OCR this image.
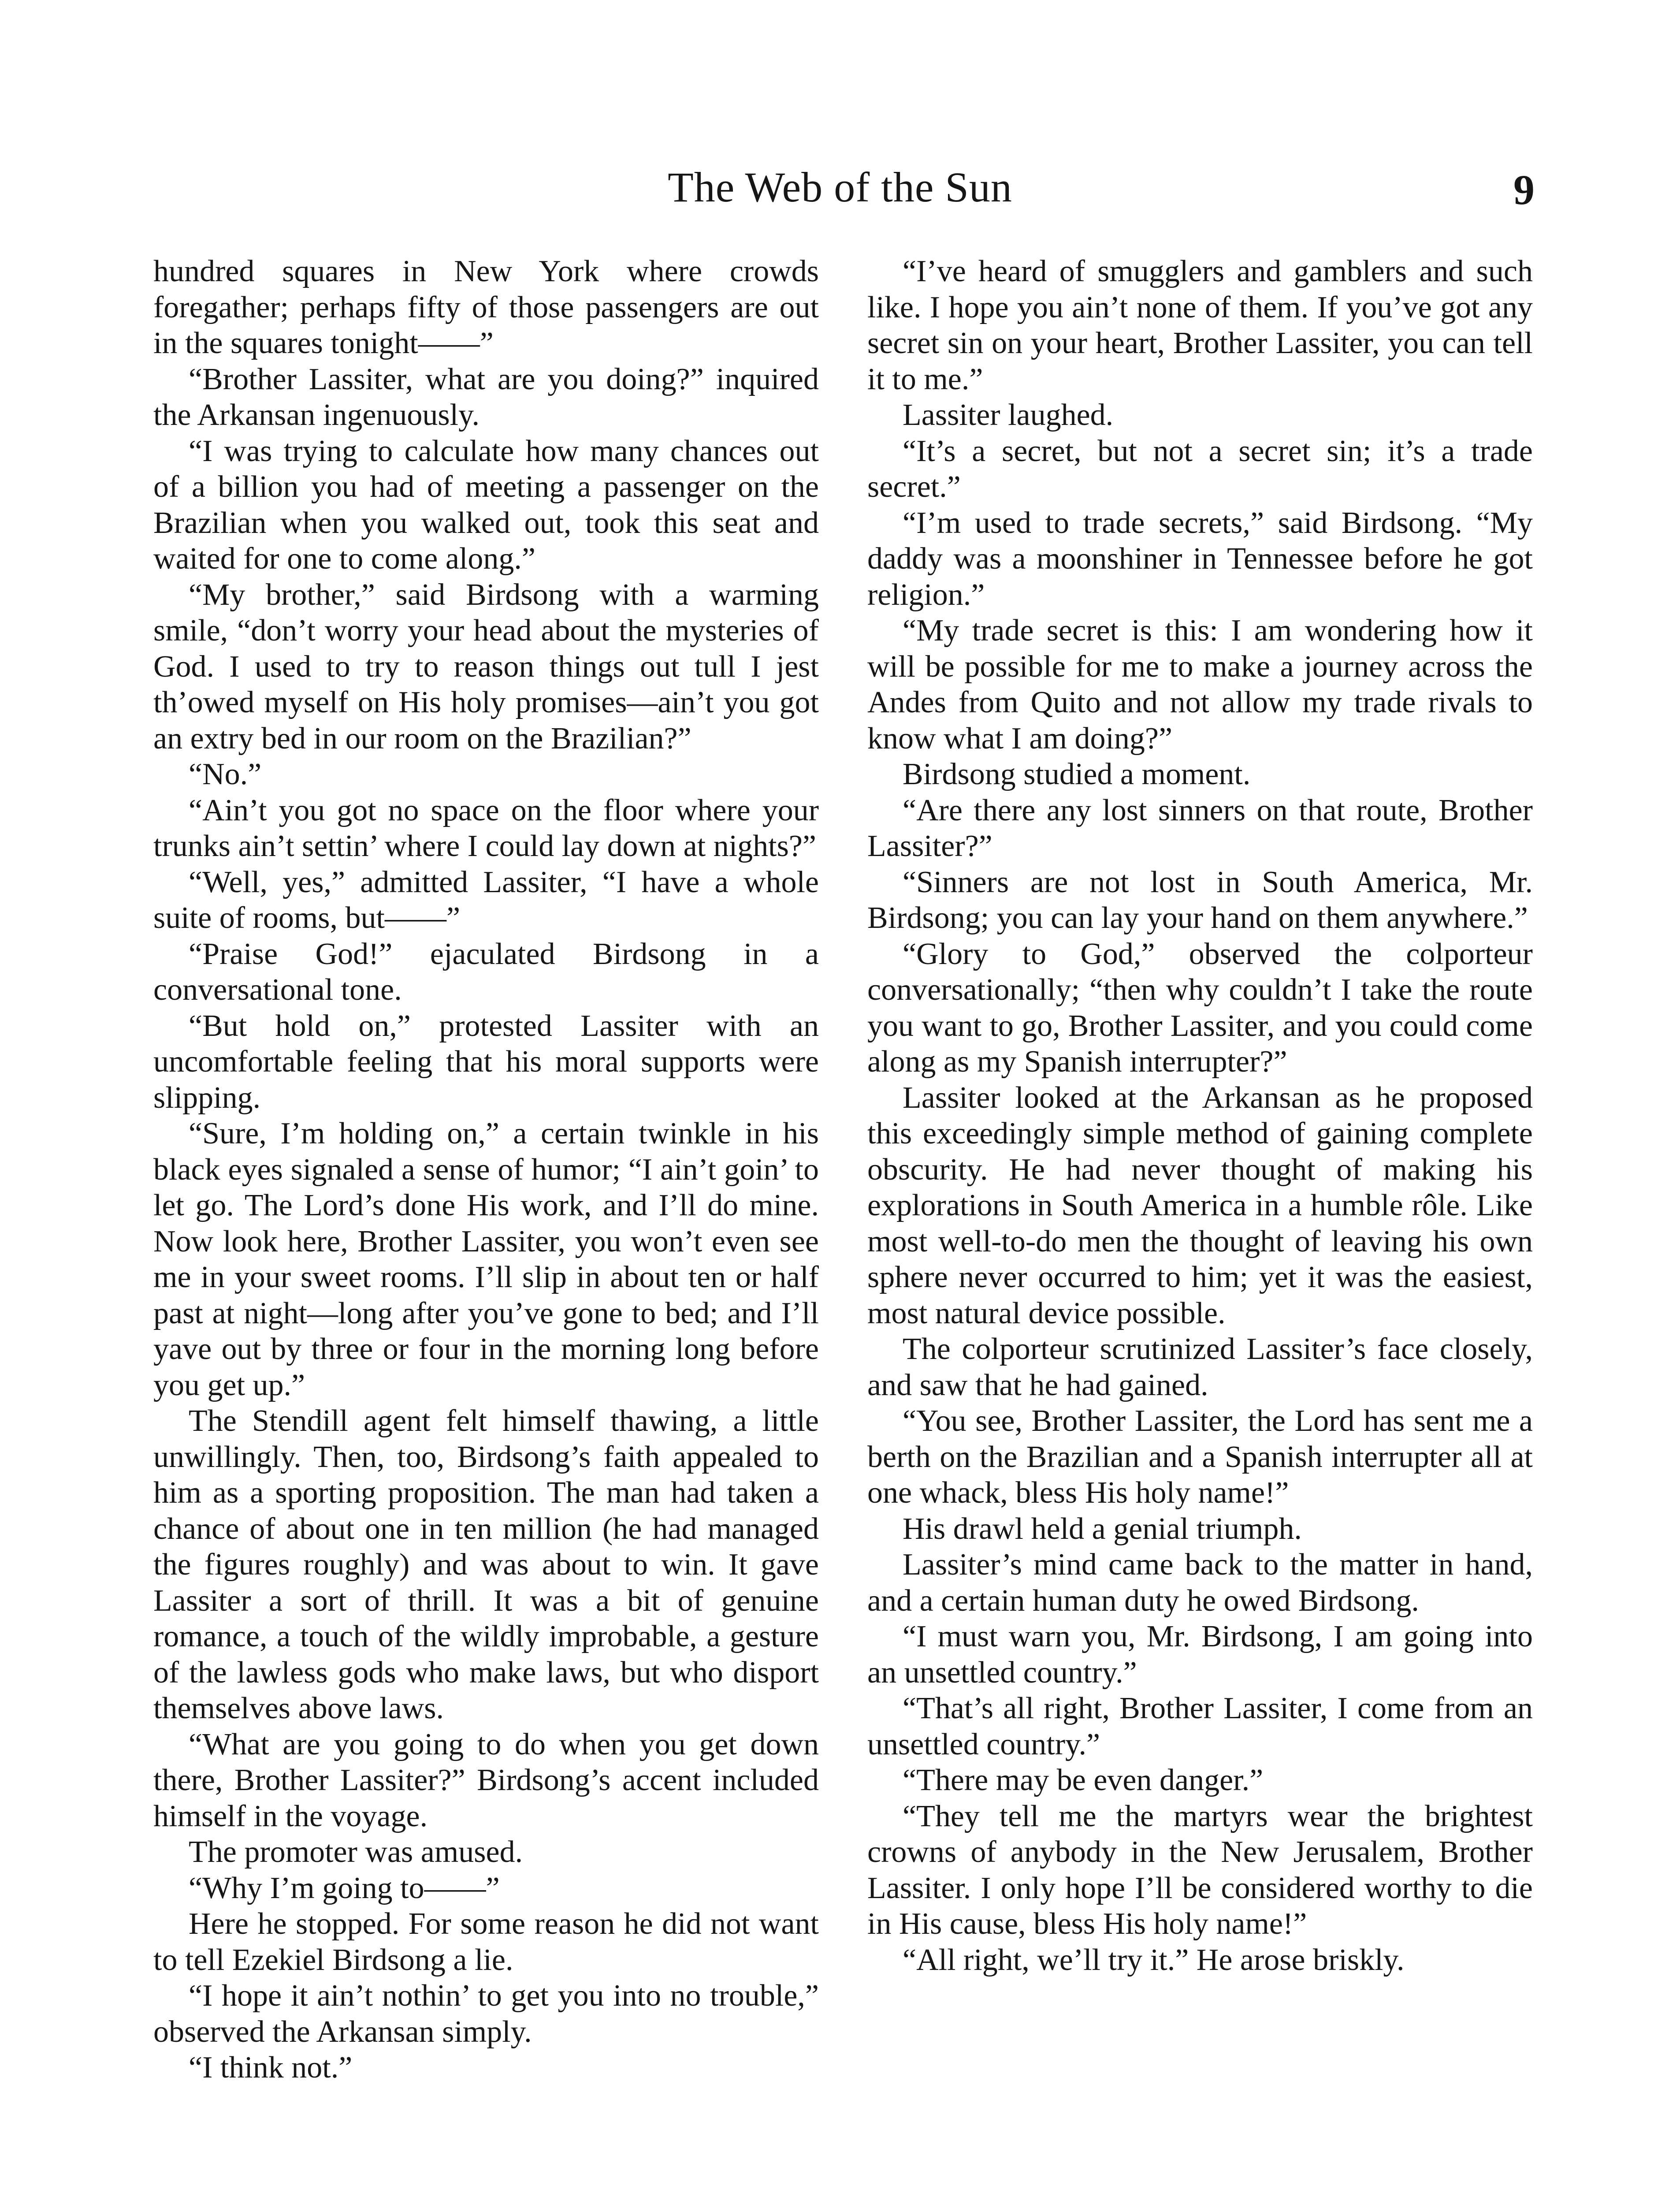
The Web of the Sun	9

hundred squares in New York where crowds foregather; perhaps fifty of those passengers are out in the squares tonight——”

“Brother Lassiter, what are you doing?” inquired the Arkansan ingenuously.

“I was trying to calculate how many chances out of a billion you had of meeting a passenger on the Brazilian when you walked out, took this seat and waited for one to come along.”

“My brother,” said Birdsong with a warming smile, “don’t worry your head about the mysteries of God. I used to try to reason things out tull I jest th’owed myself on His holy promises—ain’t you got an extry bed in our room on the Brazilian?”

“No.”

“Ain’t you got no space on the floor where your trunks ain’t settin’ where I could lay down at nights?”

“Well, yes,” admitted Lassiter, “I have a whole suite of rooms, but——”

“Praise God!” ejaculated Birdsong in a conversational tone.

“But hold on,” protested Lassiter with an uncomfortable feeling that his moral supports were slipping.

“Sure, I’m holding on,” a certain twinkle in his black eyes signaled a sense of humor; “I ain’t goin’ to let go. The Lord’s done His work, and I’ll do mine. Now look here, Brother Lassiter, you won’t even see me in your sweet rooms. I’ll slip in about ten or half past at night—long after you’ve gone to bed; and I’ll yave out by three or four in the morning long before you get up.”

The Stendill agent felt himself thawing, a little unwillingly. Then, too, Birdsong’s faith appealed to him as a sporting proposition. The man had taken a chance of about one in ten million (he had managed the figures roughly) and was about to win. It gave Lassiter a sort of thrill. It was a bit of genuine romance, a touch of the wildly improbable, a gesture of the lawless gods who make laws, but who disport themselves above laws.

“What are you going to do when you get down there, Brother Lassiter?” Birdsong’s accent included himself in the voyage.

The promoter was amused.

“Why I’m going to——”

Here he stopped. For some reason he did not want to tell Ezekiel Birdsong a lie.

“I hope it ain’t nothin’ to get you into no trouble,” observed the Arkansan simply.

“I think not.”

“I’ve heard of smugglers and gamblers and such like. I hope you ain’t none of them. If you’ve got any secret sin on your heart, Brother Lassiter, you can tell it to me.”

Lassiter laughed.

“It’s a secret, but not a secret sin; it’s a trade secret.”

“I’m used to trade secrets,” said Birdsong. “My daddy was a moonshiner in Tennessee before he got religion.”

“My trade secret is this: I am wondering how it will be possible for me to make a journey across the Andes from Quito and not allow my trade rivals to know what I am doing?”

Birdsong studied a moment.

“Are there any lost sinners on that route, Brother Lassiter?”

“Sinners are not lost in South America, Mr. Birdsong; you can lay your hand on them anywhere.”

“Glory to God,” observed the colporteur conversationally; “then why couldn’t I take the route you want to go, Brother Lassiter, and you could come along as my Spanish interrupter?”

Lassiter looked at the Arkansan as he proposed this exceedingly simple method of gaining complete obscurity. He had never thought of making his explorations in South America in a humble rôle. Like most well-to-do men the thought of leaving his own sphere never occurred to him; yet it was the easiest, most natural device possible.

The colporteur scrutinized Lassiter’s face closely, and saw that he had gained.

“You see, Brother Lassiter, the Lord has sent me a berth on the Brazilian and a Spanish interrupter all at one whack, bless His holy name!”

His drawl held a genial triumph.

Lassiter’s mind came back to the matter in hand, and a certain human duty he owed Birdsong.

“I must warn you, Mr. Birdsong, I am going into an unsettled country.”

“That’s all right, Brother Lassiter, I come from an unsettled country.”

“There may be even danger.”

“They tell me the martyrs wear the brightest crowns of anybody in the New Jerusalem, Brother Lassiter. I only hope I’ll be considered worthy to die in His cause, bless His holy name!”

“All right, we’ll try it.” He arose briskly.
